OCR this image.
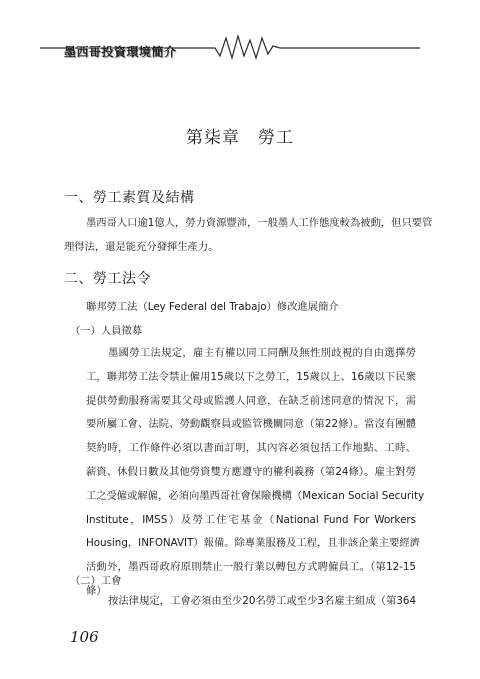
墨西哥投資環境簡介
第柒章　勞工
一、勞工素質及結構
墨西哥人口逾1億人，勞力資源豐沛，一般墨人工作態度較為被動，但只要管
理得法，還是能充分發揮生產力。
二、勞工法令
聯邦勞工法（Ley Federal del Trabajo）修改進展簡介
（一）人員徵募
墨國勞工法規定，雇主有權以同工同酬及無性別歧視的自由選擇勞
工，聯邦勞工法令禁止僱用15歲以下之勞工，15歲以上、16歲以下民衆
提供勞動服務需要其父母或監護人同意，在缺乏前述同意的情況下，需
要所屬工會、法院、勞動觀察員或監管機關同意（第22條）。當沒有團體
契約時，工作條件必須以書面訂明，其內容必須包括工作地點、工時、
薪資、休假日數及其他勞資雙方應遵守的權利義務（第24條）。雇主對勞
工之受僱或解僱，必須向墨西哥社會保險機構（Mexican Social Security
Institute，IMSS）及勞工住宅基金（National Fund For Workers
Housing，INFONAVIT）報備。除專業服務及工程，且非該企業主要經濟
活動外，墨西哥政府原則禁止一般行業以轉包方式聘僱員工。（第12-15
條）
（二）工會
按法律規定，工會必須由至少20名勞工或至少3名雇主組成（第364
106
